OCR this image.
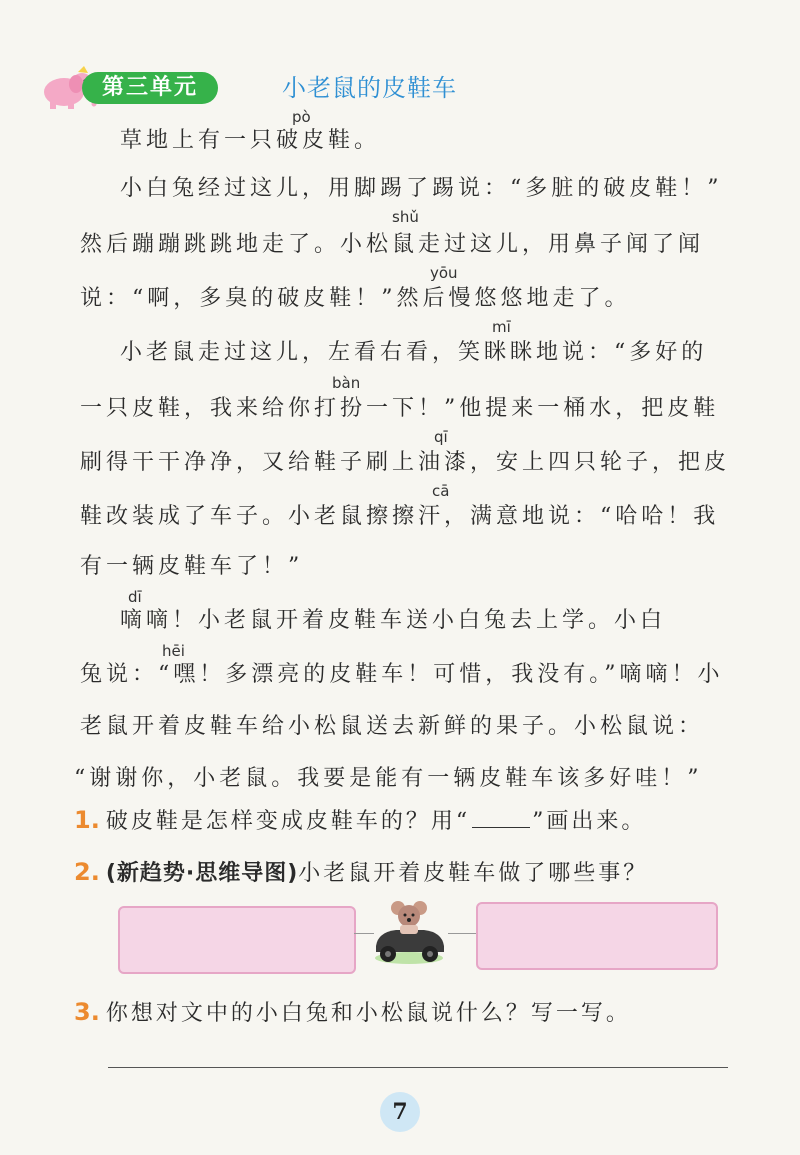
第三单元	小老鼠的皮鞋车
pò
草地上有一只破皮鞋。
小白兔经过这儿，用脚踢了踢说：“多脏的破皮鞋！”
shǔ
然后蹦蹦跳跳地走了。小松鼠走过这儿，用鼻子闻了闻
yōu
说：“啊，多臭的破皮鞋！”然后慢悠悠地走了。
mī
小老鼠走过这儿，左看右看，笑眯眯地说：“多好的
bàn
一只皮鞋，我来给你打扮一下！”他提来一桶水，把皮鞋
qī
刷得干干净净，又给鞋子刷上油漆，安上四只轮子，把皮
cā
鞋改装成了车子。小老鼠擦擦汗，满意地说：“哈哈！我
有一辆皮鞋车了！”
dī
嘀嘀！小老鼠开着皮鞋车送小白兔去上学。小白
hēi
兔说：“嘿！多漂亮的皮鞋车！可惜，我没有。”嘀嘀！小
老鼠开着皮鞋车给小松鼠送去新鲜的果子。小松鼠说：
“谢谢你，小老鼠。我要是能有一辆皮鞋车该多好哇！”
1. 破皮鞋是怎样变成皮鞋车的？用“	”画出来。
2. (新趋势·思维导图)小老鼠开着皮鞋车做了哪些事？
3. 你想对文中的小白兔和小松鼠说什么？写一写。
7
